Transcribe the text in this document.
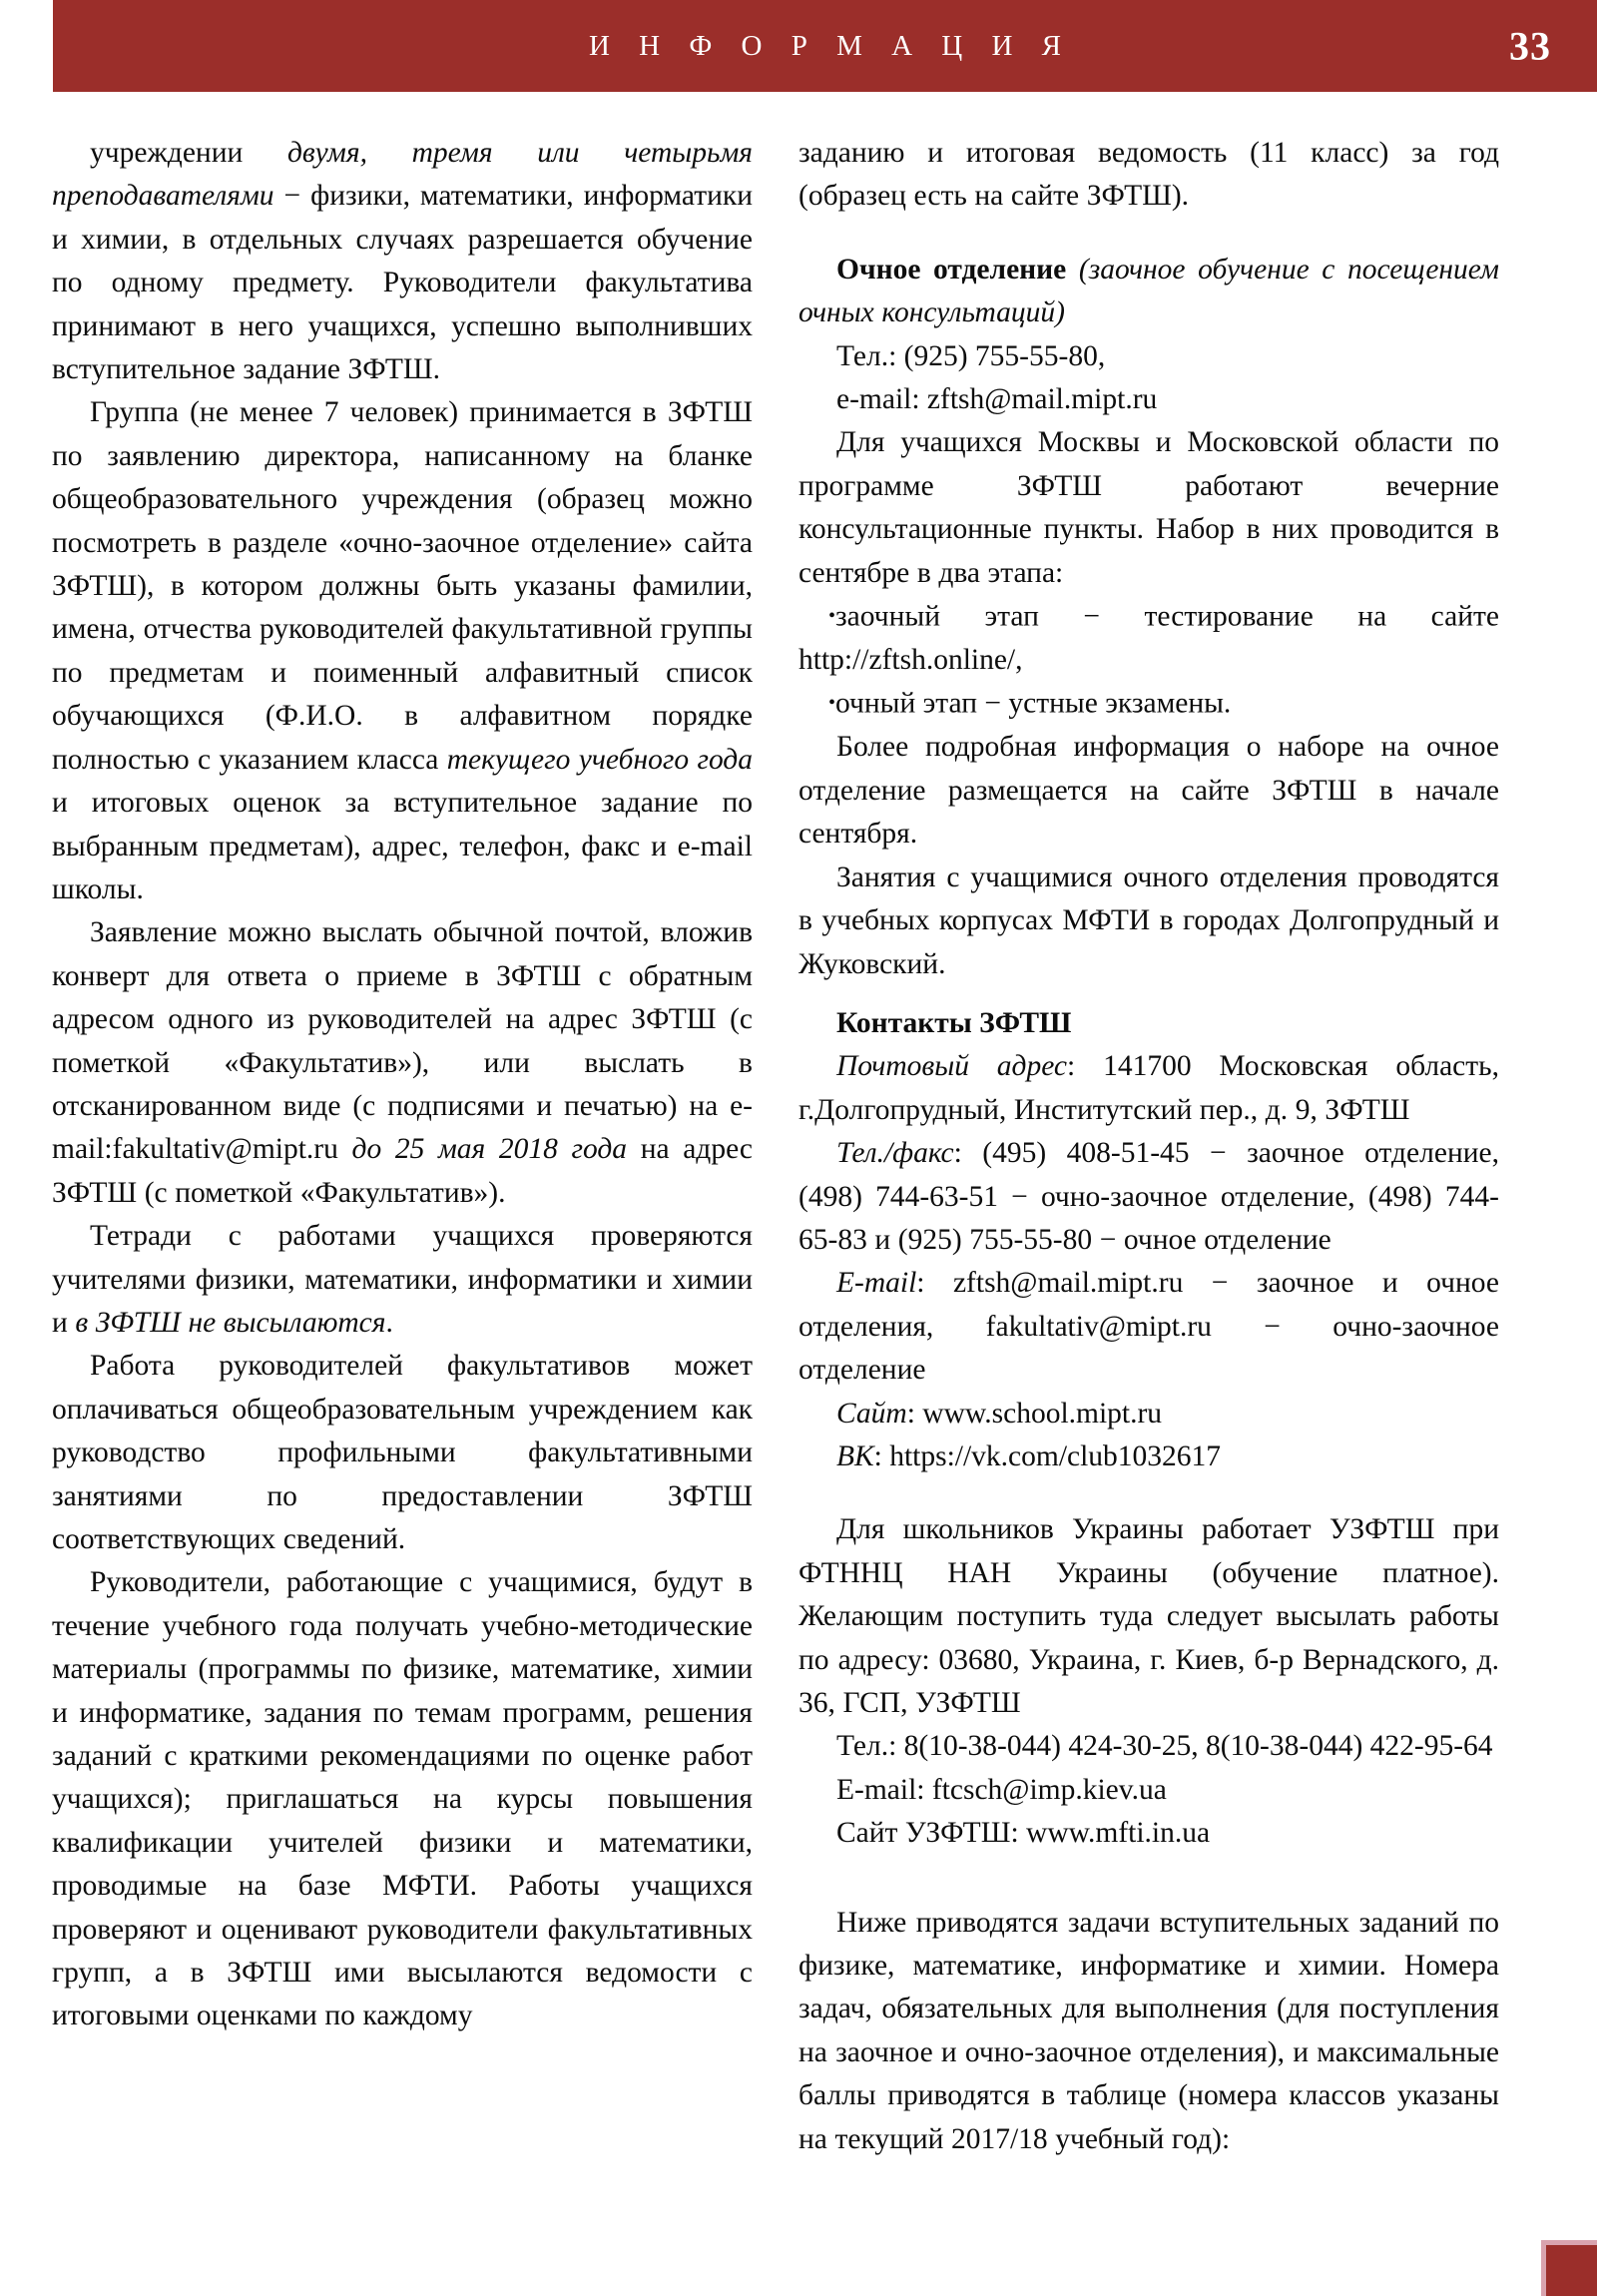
И Н Ф О Р М А Ц И Я	33

учреждении двумя, тремя или четырьмя преподавателями − физики, математики, информатики и химии, в отдельных случаях разрешается обучение по одному предмету. Руководители факультатива принимают в него учащихся, успешно выполнивших вступительное задание ЗФТШ.

Группа (не менее 7 человек) принимается в ЗФТШ по заявлению директора, написанному на бланке общеобразовательного учреждения (образец можно посмотреть в разделе «очно-заочное отделение» сайта ЗФТШ), в котором должны быть указаны фамилии, имена, отчества руководителей факультативной группы по предметам и поименный алфавитный список обучающихся (Ф.И.О. в алфавитном порядке полностью с указанием класса текущего учебного года и итоговых оценок за вступительное задание по выбранным предметам), адрес, телефон, факс и e-mail школы.

Заявление можно выслать обычной почтой, вложив конверт для ответа о приеме в ЗФТШ с обратным адресом одного из руководителей на адрес ЗФТШ (с пометкой «Факультатив»), или выслать в отсканированном виде (с подписями и печатью) на e-mail:fakultativ@mipt.ru до 25 мая 2018 года на адрес ЗФТШ (с пометкой «Факультатив»).

Тетради с работами учащихся проверяются учителями физики, математики, информатики и химии и в ЗФТШ не высылаются.

Работа руководителей факультативов может оплачиваться общеобразовательным учреждением как руководство профильными факультативными занятиями по предоставлении ЗФТШ соответствующих сведений.

Руководители, работающие с учащимися, будут в течение учебного года получать учебно-методические материалы (программы по физике, математике, химии и информатике, задания по темам программ, решения заданий с краткими рекомендациями по оценке работ учащихся); приглашаться на курсы повышения квалификации учителей физики и математики, проводимые на базе МФТИ. Работы учащихся проверяют и оценивают руководители факультативных групп, а в ЗФТШ ими высылаются ведомости с итоговыми оценками по каждому

заданию и итоговая ведомость (11 класс) за год (образец есть на сайте ЗФТШ).

Очное отделение (заочное обучение с посещением очных консультаций)

Тел.: (925) 755-55-80,

e-mail: zftsh@mail.mipt.ru

Для учащихся Москвы и Московской области по программе ЗФТШ работают вечерние консультационные пункты. Набор в них проводится в сентябре в два этапа:

•заочный этап − тестирование на сайте http://zftsh.online/,

•очный этап − устные экзамены.

Более подробная информация о наборе на очное отделение размещается на сайте ЗФТШ в начале сентября.

Занятия с учащимися очного отделения проводятся в учебных корпусах МФТИ в городах Долгопрудный и Жуковский.

Контакты ЗФТШ

Почтовый адрес: 141700 Московская область, г.Долгопрудный, Институтский пер., д. 9, ЗФТШ

Тел./факс: (495) 408-51-45 − заочное отделение, (498) 744-63-51 − очно-заочное отделение, (498) 744-65-83 и (925) 755-55-80 − очное отделение

E-mail: zftsh@mail.mipt.ru − заочное и очное отделения, fakultativ@mipt.ru − очно-заочное отделение

Сайт: www.school.mipt.ru

ВК: https://vk.com/club1032617

Для школьников Украины работает УЗФТШ при ФТННЦ НАН Украины (обучение платное). Желающим поступить туда следует высылать работы по адресу: 03680, Украина, г. Киев, б-р Вернадского, д. 36, ГСП, УЗФТШ

Тел.: 8(10-38-044) 424-30-25, 8(10-38-044) 422-95-64

E-mail: ftcsch@imp.kiev.ua

Сайт УЗФТШ: www.mfti.in.ua

Ниже приводятся задачи вступительных заданий по физике, математике, информатике и химии. Номера задач, обязательных для выполнения (для поступления на заочное и очно-заочное отделения), и максимальные баллы приводятся в таблице (номера классов указаны на текущий 2017/18 учебный год):
